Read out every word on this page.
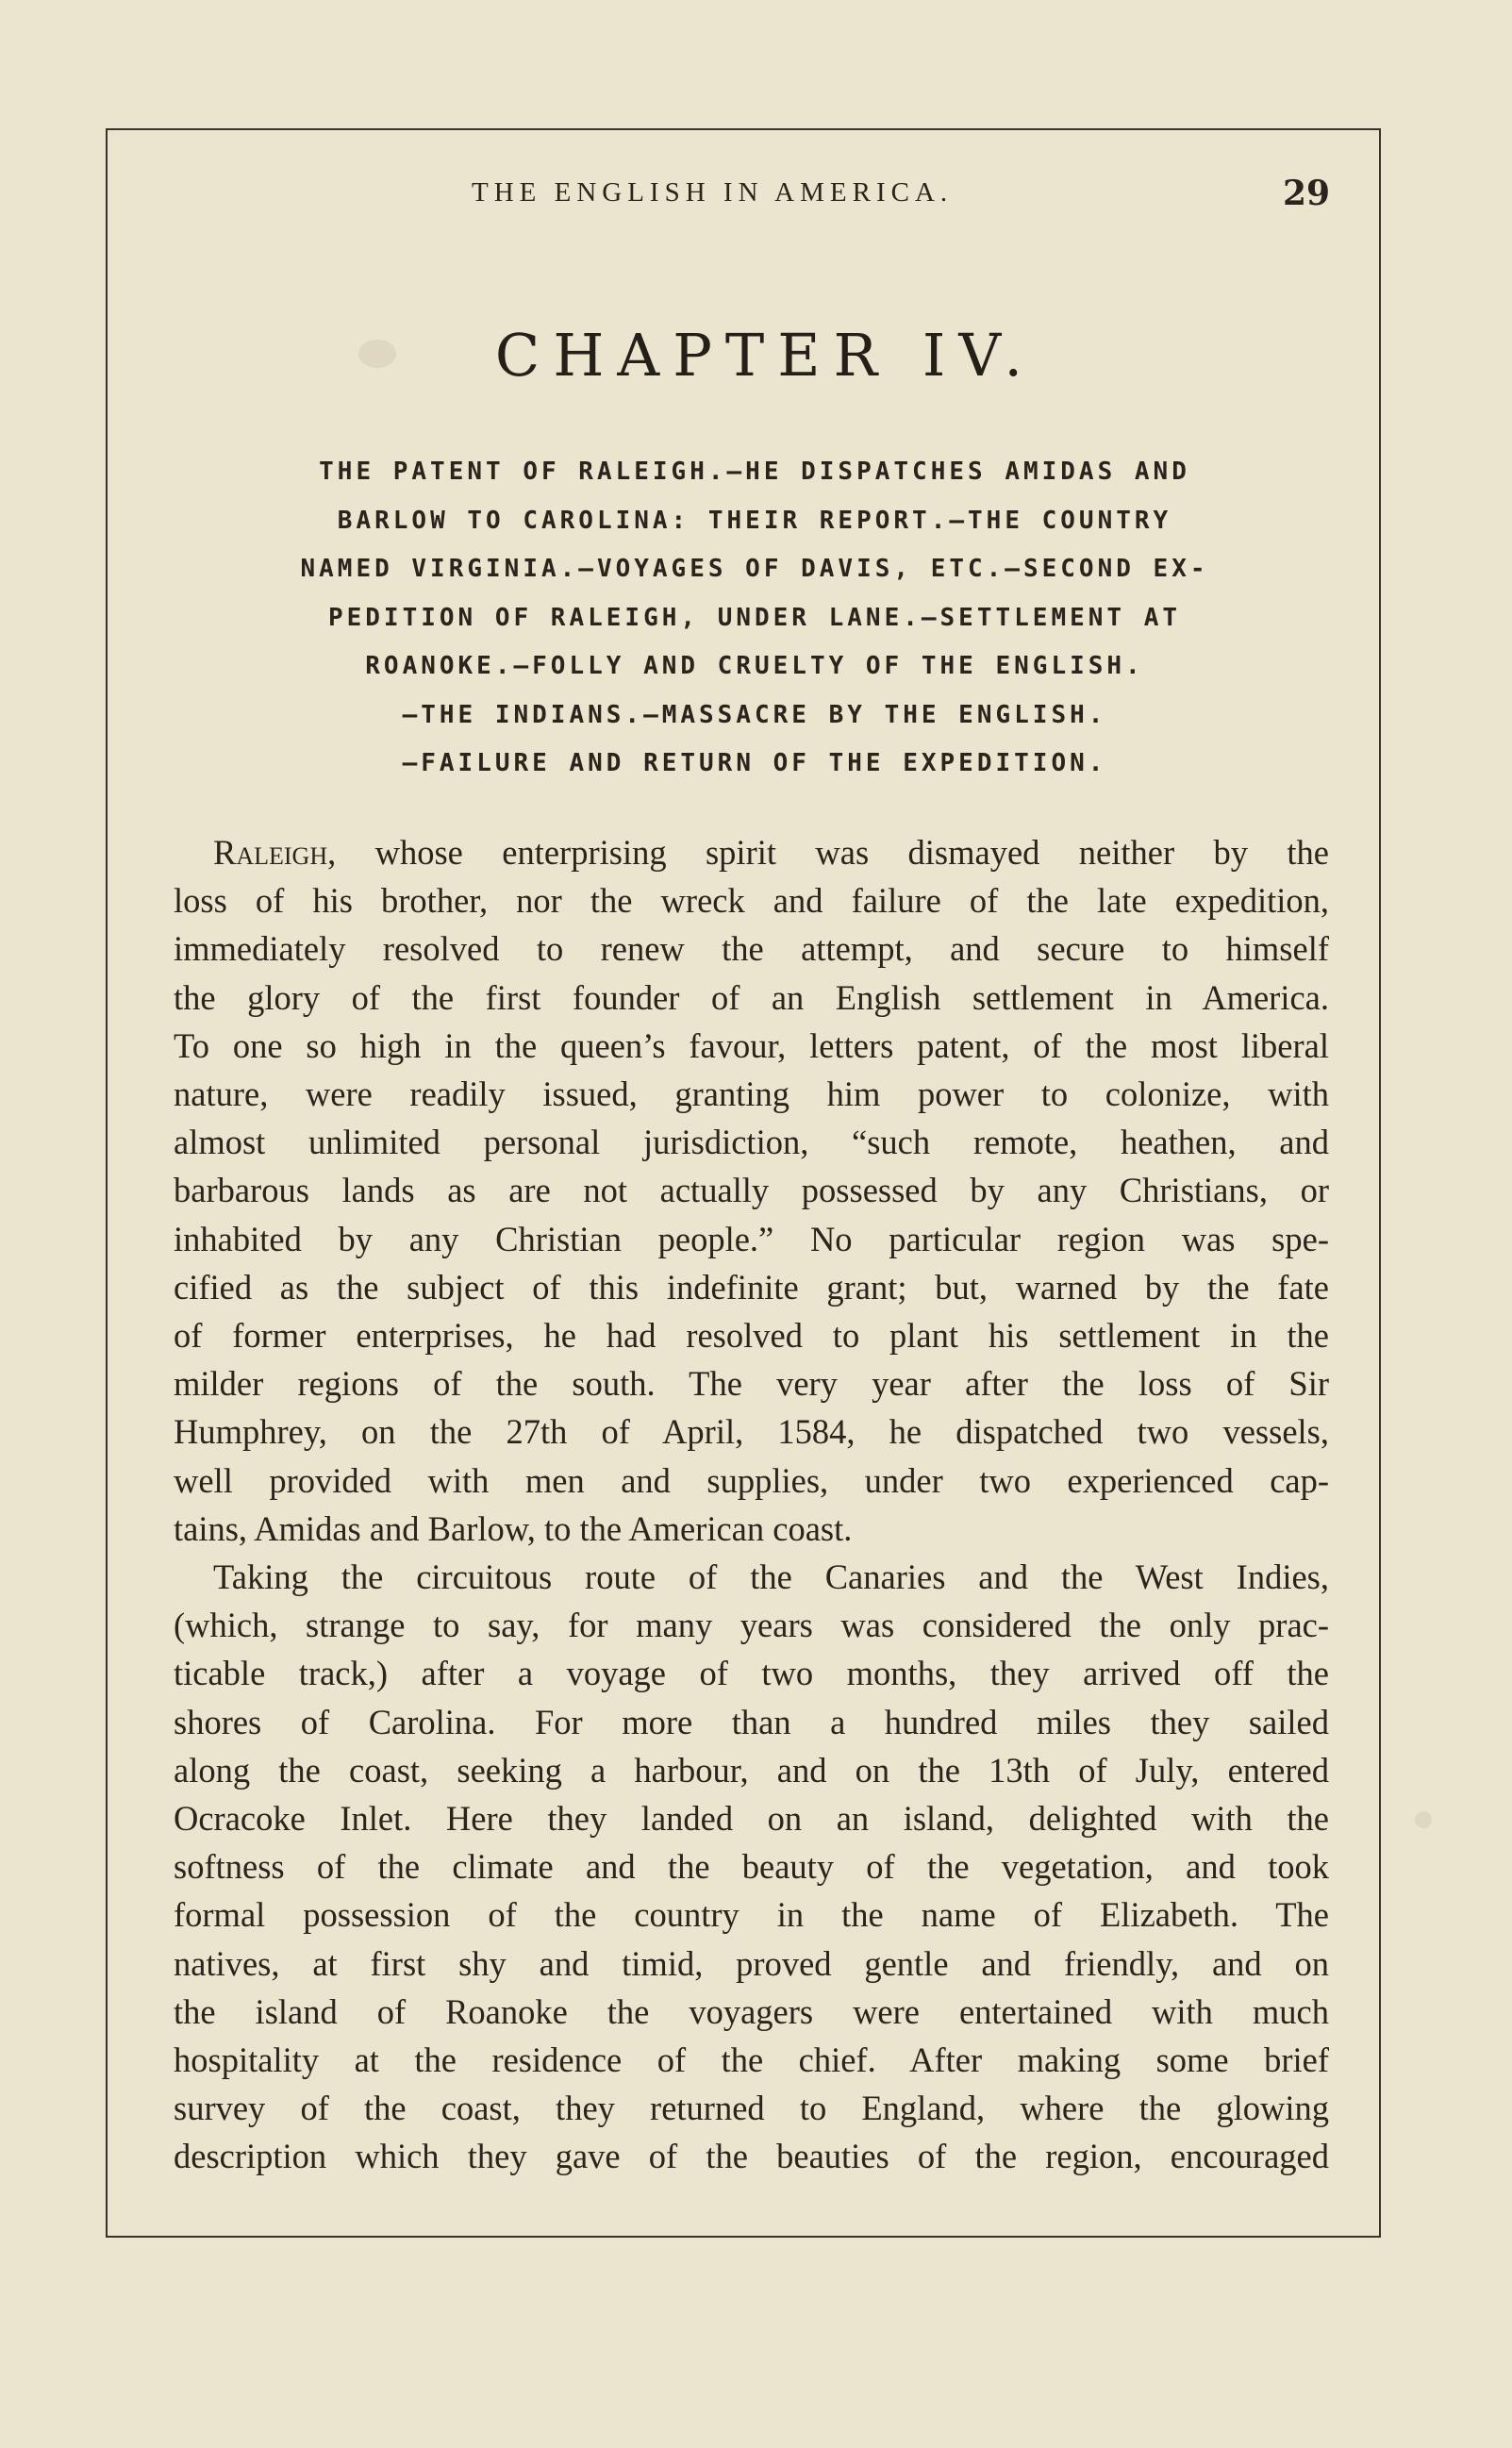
THE ENGLISH IN AMERICA.	29
CHAPTER IV.
THE PATENT OF RALEIGH.—HE DISPATCHES AMIDAS AND
BARLOW TO CAROLINA: THEIR REPORT.—THE COUNTRY
NAMED VIRGINIA.—VOYAGES OF DAVIS, ETC.—SECOND EX-
PEDITION OF RALEIGH, UNDER LANE.—SETTLEMENT AT
ROANOKE.—FOLLY AND CRUELTY OF THE ENGLISH.
—THE INDIANS.—MASSACRE BY THE ENGLISH.
—FAILURE AND RETURN OF THE EXPEDITION.
Raleigh, whose enterprising spirit was dismayed neither by the
loss of his brother, nor the wreck and failure of the late expedition,
immediately resolved to renew the attempt, and secure to himself
the glory of the first founder of an English settlement in America.
To one so high in the queen’s favour, letters patent, of the most liberal
nature, were readily issued, granting him power to colonize, with
almost unlimited personal jurisdiction, “such remote, heathen, and
barbarous lands as are not actually possessed by any Christians, or
inhabited by any Christian people.” No particular region was spe-
cified as the subject of this indefinite grant; but, warned by the fate
of former enterprises, he had resolved to plant his settlement in the
milder regions of the south. The very year after the loss of Sir
Humphrey, on the 27th of April, 1584, he dispatched two vessels,
well provided with men and supplies, under two experienced cap-
tains, Amidas and Barlow, to the American coast.
Taking the circuitous route of the Canaries and the West Indies,
(which, strange to say, for many years was considered the only prac-
ticable track,) after a voyage of two months, they arrived off the
shores of Carolina. For more than a hundred miles they sailed
along the coast, seeking a harbour, and on the 13th of July, entered
Ocracoke Inlet. Here they landed on an island, delighted with the
softness of the climate and the beauty of the vegetation, and took
formal possession of the country in the name of Elizabeth. The
natives, at first shy and timid, proved gentle and friendly, and on
the island of Roanoke the voyagers were entertained with much
hospitality at the residence of the chief. After making some brief
survey of the coast, they returned to England, where the glowing
description which they gave of the beauties of the region, encouraged
